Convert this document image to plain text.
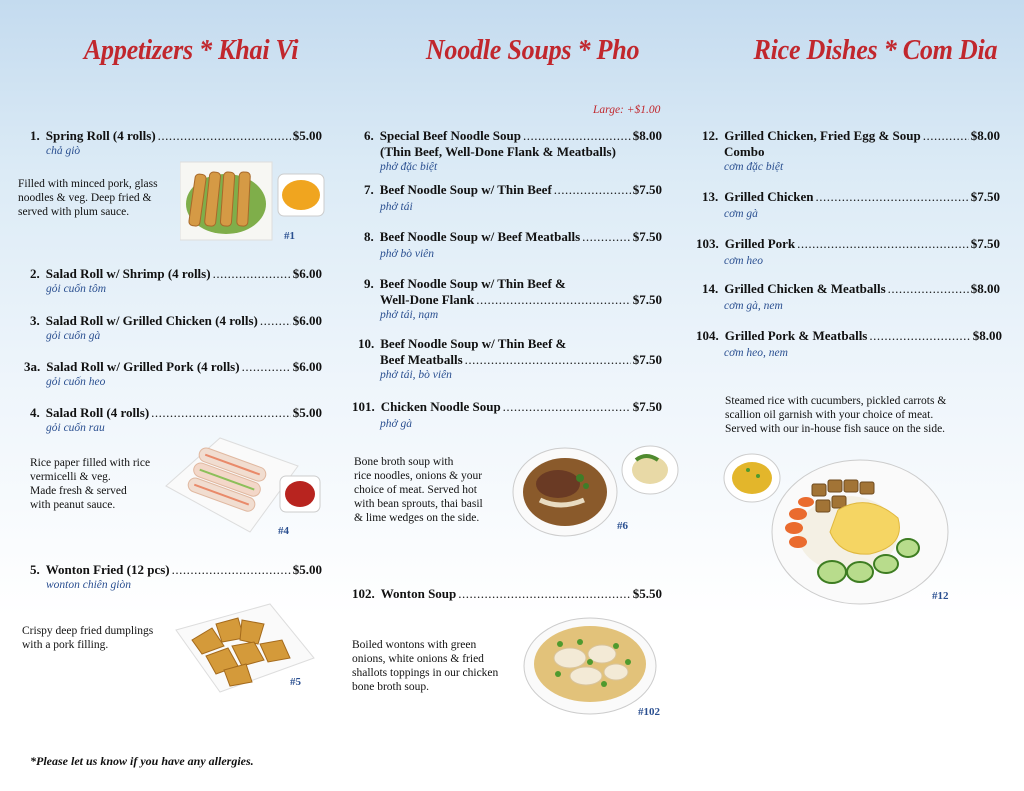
Appetizers * Khai Vi	Noodle Soups * Pho	Rice Dishes * Com Dia
Large: +$1.00
1. Spring Roll (4 rolls) .....	$5.00
chả giò
Filled with minced pork, glass
noodles & veg. Deep fried &
served with plum sauce.
#1
2. Salad Roll w/ Shrimp (4 rolls) .....	$6.00
gỏi cuốn tôm
3. Salad Roll w/ Grilled Chicken (4 rolls) .....	$6.00
gỏi cuốn gà
3a. Salad Roll w/ Grilled Pork (4 rolls) .....	$6.00
gỏi cuốn heo
4. Salad Roll (4 rolls) .....	$5.00
gỏi cuốn rau
Rice paper filled with rice
vermicelli & veg.
Made fresh & served
with peanut sauce.
#4
5. Wonton Fried (12 pcs) .....	$5.00
wonton chiên giòn
Crispy deep fried dumplings
with a pork filling.
#5
*Please let us know if you have any allergies.
6. Special Beef Noodle Soup .....	$8.00
(Thin Beef, Well-Done Flank & Meatballs)
phở đặc biệt
7. Beef Noodle Soup w/ Thin Beef .....	$7.50
phở tái
8. Beef Noodle Soup w/ Beef Meatballs .....	$7.50
phở bò viên
9. Beef Noodle Soup w/ Thin Beef &
Well-Done Flank .....	$7.50
phở tái, nạm
10. Beef Noodle Soup w/ Thin Beef &
Beef Meatballs .....	$7.50
phở tái, bò viên
101. Chicken Noodle Soup .....	$7.50
phở gà
Bone broth soup with
rice noodles, onions & your
choice of meat. Served hot
with bean sprouts, thai basil
& lime wedges on the side.
#6
102. Wonton Soup .....	$5.50
Boiled wontons with green
onions, white onions & fried
shallots toppings in our chicken
bone broth soup.
#102
12. Grilled Chicken, Fried Egg & Soup .....	$8.00
Combo
cơm đặc biệt
13. Grilled Chicken .....	$7.50
cơm gà
103. Grilled Pork .....	$7.50
cơm heo
14. Grilled Chicken & Meatballs .....	$8.00
cơm gà, nem
104. Grilled Pork & Meatballs .....	$8.00
cơm heo, nem
Steamed rice with cucumbers, pickled carrots &
scallion oil garnish with your choice of meat.
Served with our in-house fish sauce on the side.
#12
